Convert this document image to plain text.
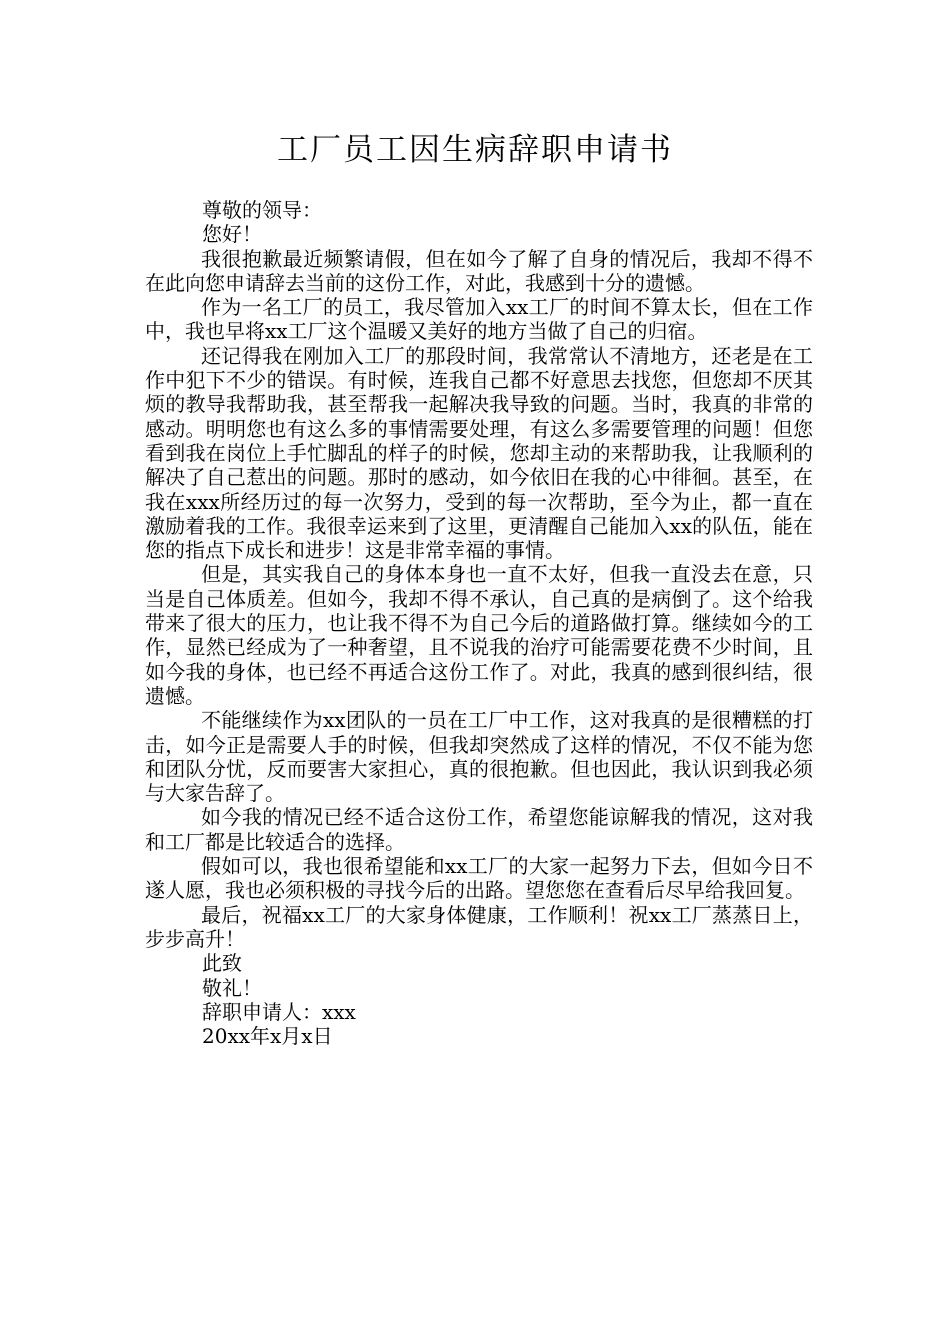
工厂员工因生病辞职申请书

尊敬的领导：

您好！

我很抱歉最近频繁请假，但在如今了解了自身的情况后，我却不得不在此向您申请辞去当前的这份工作，对此，我感到十分的遗憾。

作为一名工厂的员工，我尽管加入xx工厂的时间不算太长，但在工作中，我也早将xx工厂这个温暖又美好的地方当做了自己的归宿。

还记得我在刚加入工厂的那段时间，我常常认不清地方，还老是在工作中犯下不少的错误。有时候，连我自己都不好意思去找您，但您却不厌其烦的教导我帮助我，甚至帮我一起解决我导致的问题。当时，我真的非常的感动。明明您也有这么多的事情需要处理，有这么多需要管理的问题！但您看到我在岗位上手忙脚乱的样子的时候，您却主动的来帮助我，让我顺利的解决了自己惹出的问题。那时的感动，如今依旧在我的心中徘徊。甚至，在我在xxx所经历过的每一次努力，受到的每一次帮助，至今为止，都一直在激励着我的工作。我很幸运来到了这里，更清醒自己能加入xx的队伍，能在您的指点下成长和进步！这是非常幸福的事情。

但是，其实我自己的身体本身也一直不太好，但我一直没去在意，只当是自己体质差。但如今，我却不得不承认，自己真的是病倒了。这个给我带来了很大的压力，也让我不得不为自己今后的道路做打算。继续如今的工作，显然已经成为了一种奢望，且不说我的治疗可能需要花费不少时间，且如今我的身体，也已经不再适合这份工作了。对此，我真的感到很纠结，很遗憾。

不能继续作为xx团队的一员在工厂中工作，这对我真的是很糟糕的打击，如今正是需要人手的时候，但我却突然成了这样的情况，不仅不能为您和团队分忧，反而要害大家担心，真的很抱歉。但也因此，我认识到我必须与大家告辞了。

如今我的情况已经不适合这份工作，希望您能谅解我的情况，这对我和工厂都是比较适合的选择。

假如可以，我也很希望能和xx工厂的大家一起努力下去，但如今日不遂人愿，我也必须积极的寻找今后的出路。望您您在查看后尽早给我回复。

最后，祝福xx工厂的大家身体健康，工作顺利！祝xx工厂蒸蒸日上，步步高升！

此致

敬礼！

辞职申请人：xxx

20xx年x月x日
